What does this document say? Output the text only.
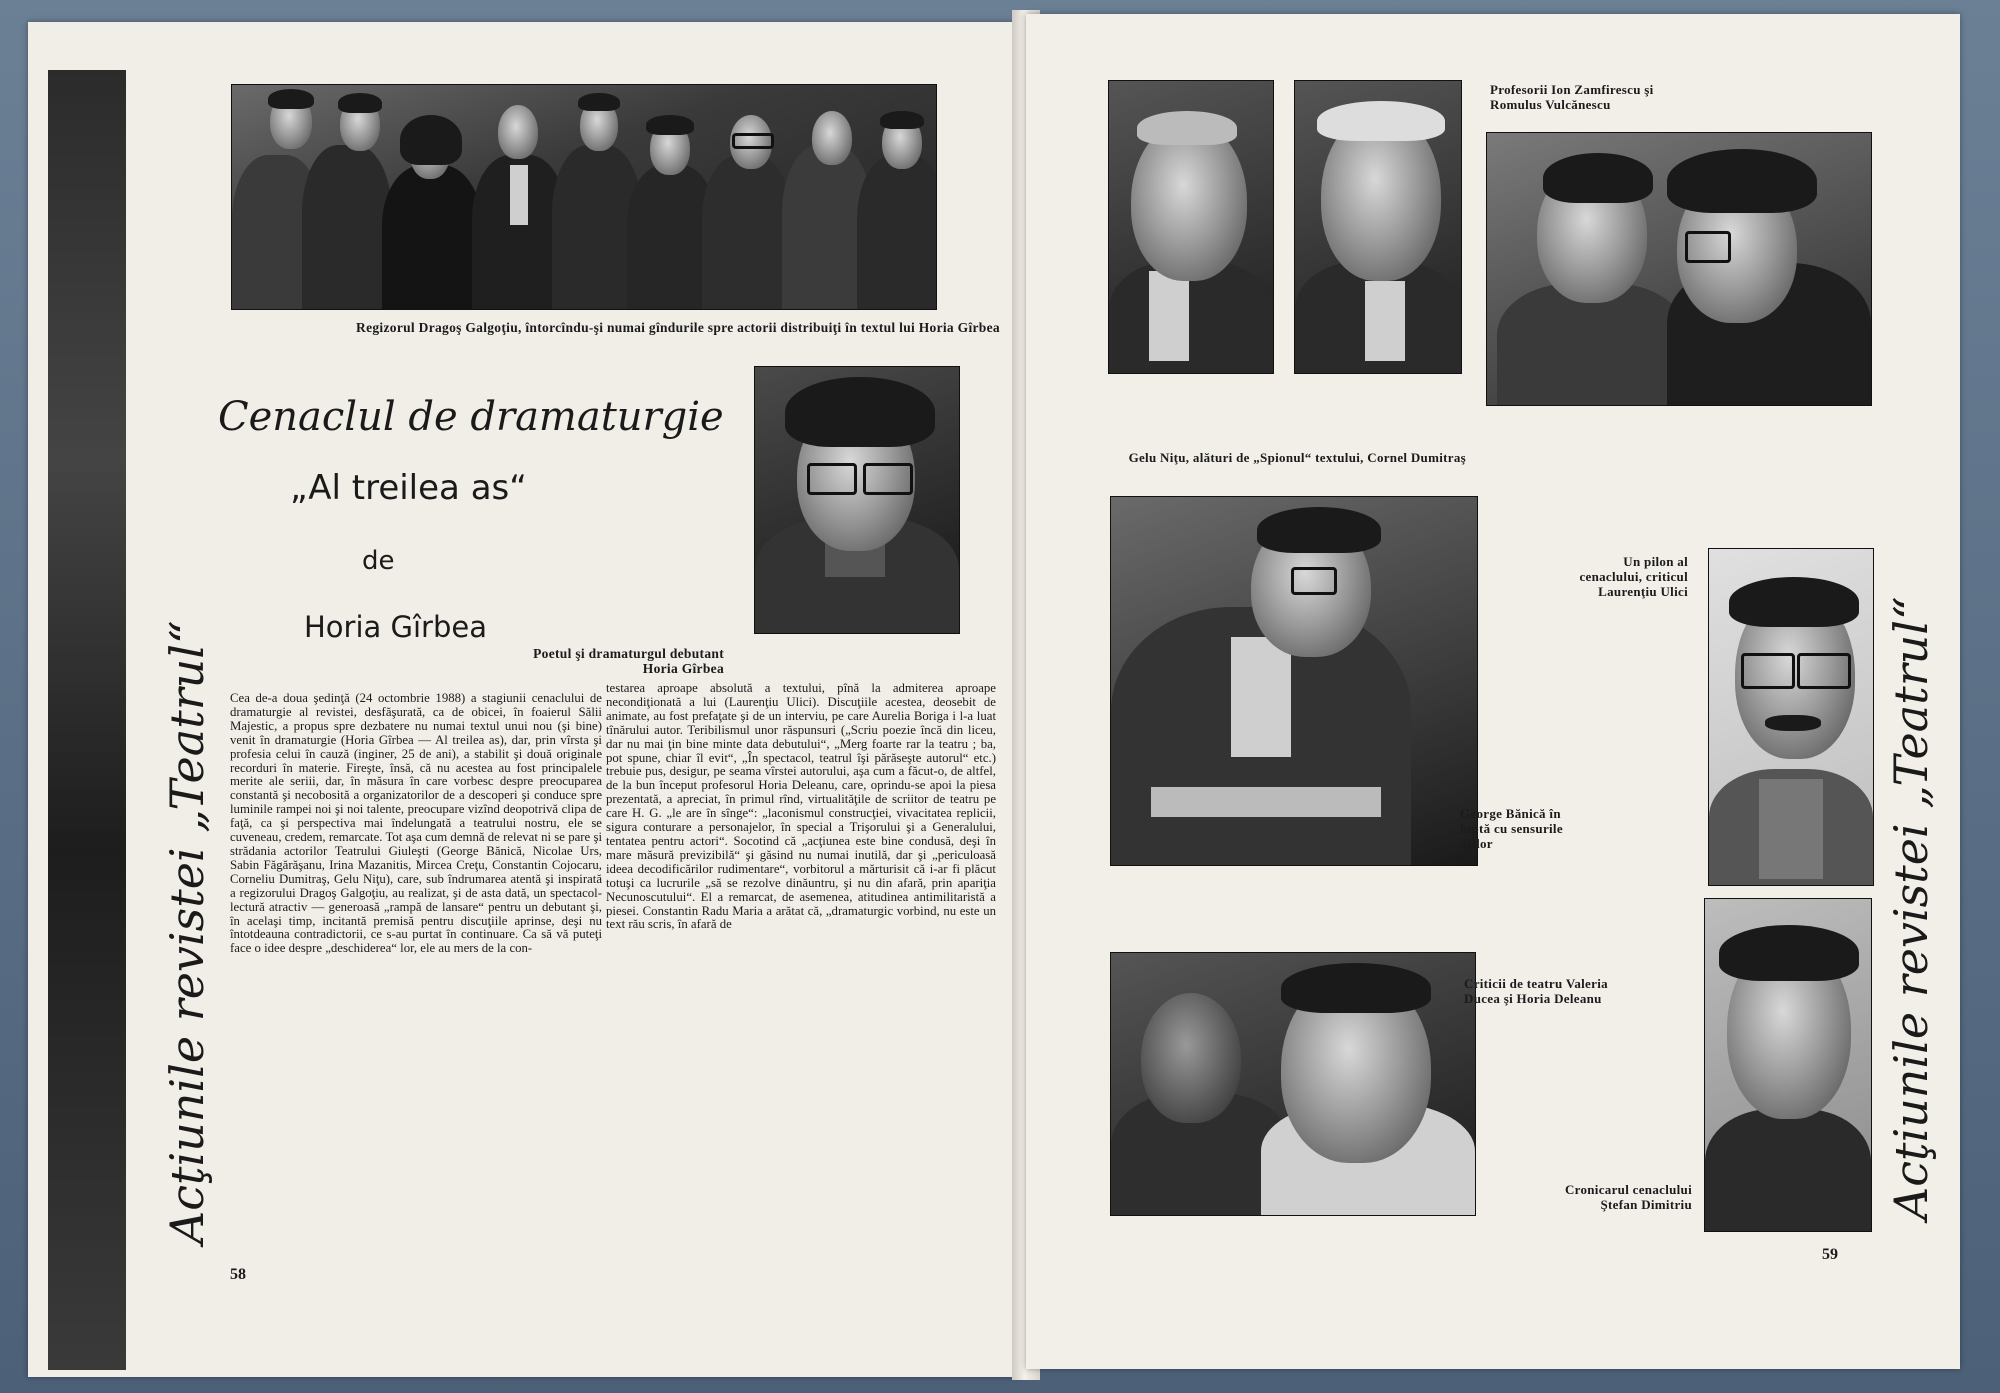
Regizorul Dragoş Galgoţiu, întorcîndu-şi numai gîndurile spre actorii distribuiţi în textul lui Horia Gîrbea
Cenaclul de dramaturgie
„Al treilea as“
de
Horia Gîrbea
Poetul şi dramaturgul debutant Horia Gîrbea
Acţiunile revistei „Teatrul“ Cea de-a doua şedinţă (24 octombrie 1988) a stagiunii cenaclului de dramaturgie al revistei, desfăşurată, ca de obicei, în foaierul Sălii Majestic, a propus spre dezbatere nu numai textul unui nou (şi bine) venit în dramaturgie (Horia Gîrbea — Al treilea as), dar, prin vîrsta şi profesia celui în cauză (inginer, 25 de ani), a stabilit şi două originale recorduri în materie. Fireşte, însă, că nu acestea au fost principalele merite ale seriii, dar, în măsura în care vorbesc despre preocuparea constantă şi necobosită a organizatorilor de a descoperi şi conduce spre luminile rampei noi şi noi talente, preocupare vizînd deopotrivă clipa de faţă, ca şi perspectiva mai îndelungată a teatrului nostru, ele se cuveneau, credem, remarcate. Tot aşa cum demnă de relevat ni se pare şi strădania actorilor Teatrului Giuleşti (George Bănică, Nicolae Urs, Sabin Făgărăşanu, Irina Mazanitis, Mircea Creţu, Constantin Cojocaru, Corneliu Dumitraş, Gelu Niţu), care, sub îndrumarea atentă şi inspirată a regizorului Dragoş Galgoţiu, au realizat, şi de asta dată, un spectacol-lectură atractiv — generoasă „rampă de lansare“ pentru un debutant şi, în acelaşi timp, incitantă premisă pentru discuţiile aprinse, deşi nu întotdeauna contradictorii, ce s-au purtat în continuare. Ca să vă puteţi face o idee despre „deschiderea“ lor, ele au mers de la con-

testarea aproape absolută a textului, pînă la admiterea aproape necondiţionată a lui (Laurenţiu Ulici). Discuţiile acestea, deosebit de animate, au fost prefaţate şi de un interviu, pe care Aurelia Boriga i l-a luat tînărului autor. Teribilismul unor răspunsuri („Scriu poezie încă din liceu, dar nu mai ţin bine minte data debutului“, „Merg foarte rar la teatru ; ba, pot spune, chiar îl evit“, „În spectacol, teatrul îşi părăseşte autorul“ etc.) trebuie pus, desigur, pe seama vîrstei autorului, aşa cum a făcut-o, de altfel, de la bun început profesorul Horia Deleanu, care, oprindu-se apoi la piesa prezentată, a apreciat, în primul rînd, virtualităţile de scriitor de teatru pe care H. G. „le are în sînge“: „laconismul construcţiei, vivacitatea replicii, sigura conturare a personajelor, în special a Trişorului şi a Generalului, tentatea pentru actori“. Socotind că „acţiunea este bine condusă, deşi în mare măsură previzibilă“ şi găsind nu numai inutilă, dar şi „periculoasă ideea decodificărilor rudimentare“, vorbitorul a mărturisit că i-ar fi plăcut totuşi ca lucrurile „să se rezolve dinăuntru, şi nu din afară, prin apariţia Necunoscutului“. El a remarcat, de asemenea, atitudinea antimilitaristă a piesei. Constantin Radu Maria a arătat că, „dramaturgic vorbind, nu este un text rău scris, în afară de

58
Profesorii Ion Zamfirescu şi Romulus Vulcănescu
Gelu Niţu, alături de „Spionul“ textului, Cornel Dumitraş
Un pilon al cenaclului, criticul Laurenţiu Ulici
George Bănică în luptă cu sensurile aşilor
Criticii de teatru Valeria Ducea şi Horia Deleanu
Cronicarul cenaclului Ştefan Dimitriu	Acţiunile revistei „Teatrul“
59
